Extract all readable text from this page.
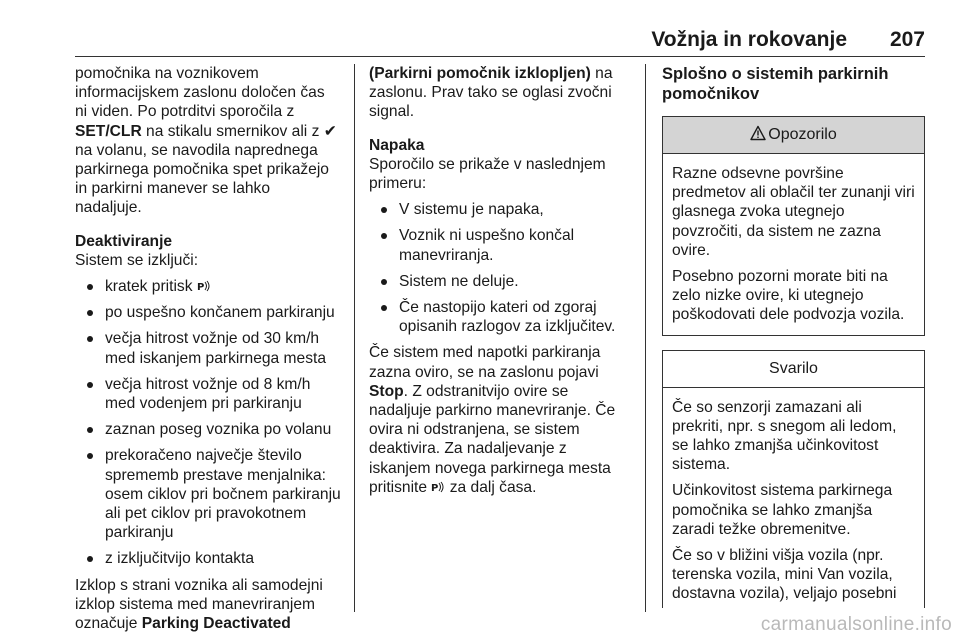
Vožnja in rokovanje 207

pomočnika na voznikovem informacijskem zaslonu določen čas ni viden. Po potrditvi sporočila z SET/CLR na stikalu smernikov ali z ✔ na volanu, se navodila naprednega parkirnega pomočnika spet prikažejo in parkirni manever se lahko nadaljuje.

Deaktiviranje

Sistem se izključi:

kratek pritisk P
po uspešno končanem parkiranju
večja hitrost vožnje od 30 km/h med iskanjem parkirnega mesta
večja hitrost vožnje od 8 km/h med vodenjem pri parkiranju
zaznan poseg voznika po volanu
prekoračeno največje število sprememb prestave menjalnika: osem ciklov pri bočnem parkiranju ali pet ciklov pri pravokotnem parkiranju
z izključitvijo kontakta

Izklop s strani voznika ali samodejni izklop sistema med manevriranjem označuje Parking Deactivated

(Parkirni pomočnik izklopljen) na zaslonu. Prav tako se oglasi zvočni signal.

Napaka

Sporočilo se prikaže v naslednjem primeru:

V sistemu je napaka,
Voznik ni uspešno končal manevriranja.
Sistem ne deluje.
Če nastopijo kateri od zgoraj opisanih razlogov za izključitev.

Če sistem med napotki parkiranja zazna oviro, se na zaslonu pojavi Stop. Z odstranitvijo ovire se nadaljuje parkirno manevriranje. Če ovira ni odstranjena, se sistem deaktivira. Za nadaljevanje z iskanjem novega parkirnega mesta pritisnite P za dalj časa.

Splošno o sistemih parkirnih pomočnikov

Opozorilo

Razne odsevne površine predmetov ali oblačil ter zunanji viri glasnega zvoka utegnejo povzročiti, da sistem ne zazna ovire.

Posebno pozorni morate biti na zelo nizke ovire, ki utegnejo poškodovati dele podvozja vozila.

Svarilo

Če so senzorji zamazani ali prekriti, npr. s snegom ali ledom, se lahko zmanjša učinkovitost sistema.

Učinkovitost sistema parkirnega pomočnika se lahko zmanjša zaradi težke obremenitve.

Če so v bližini višja vozila (npr. terenska vozila, mini Van vozila, dostavna vozila), veljajo posebni

carmanualsonline.info
